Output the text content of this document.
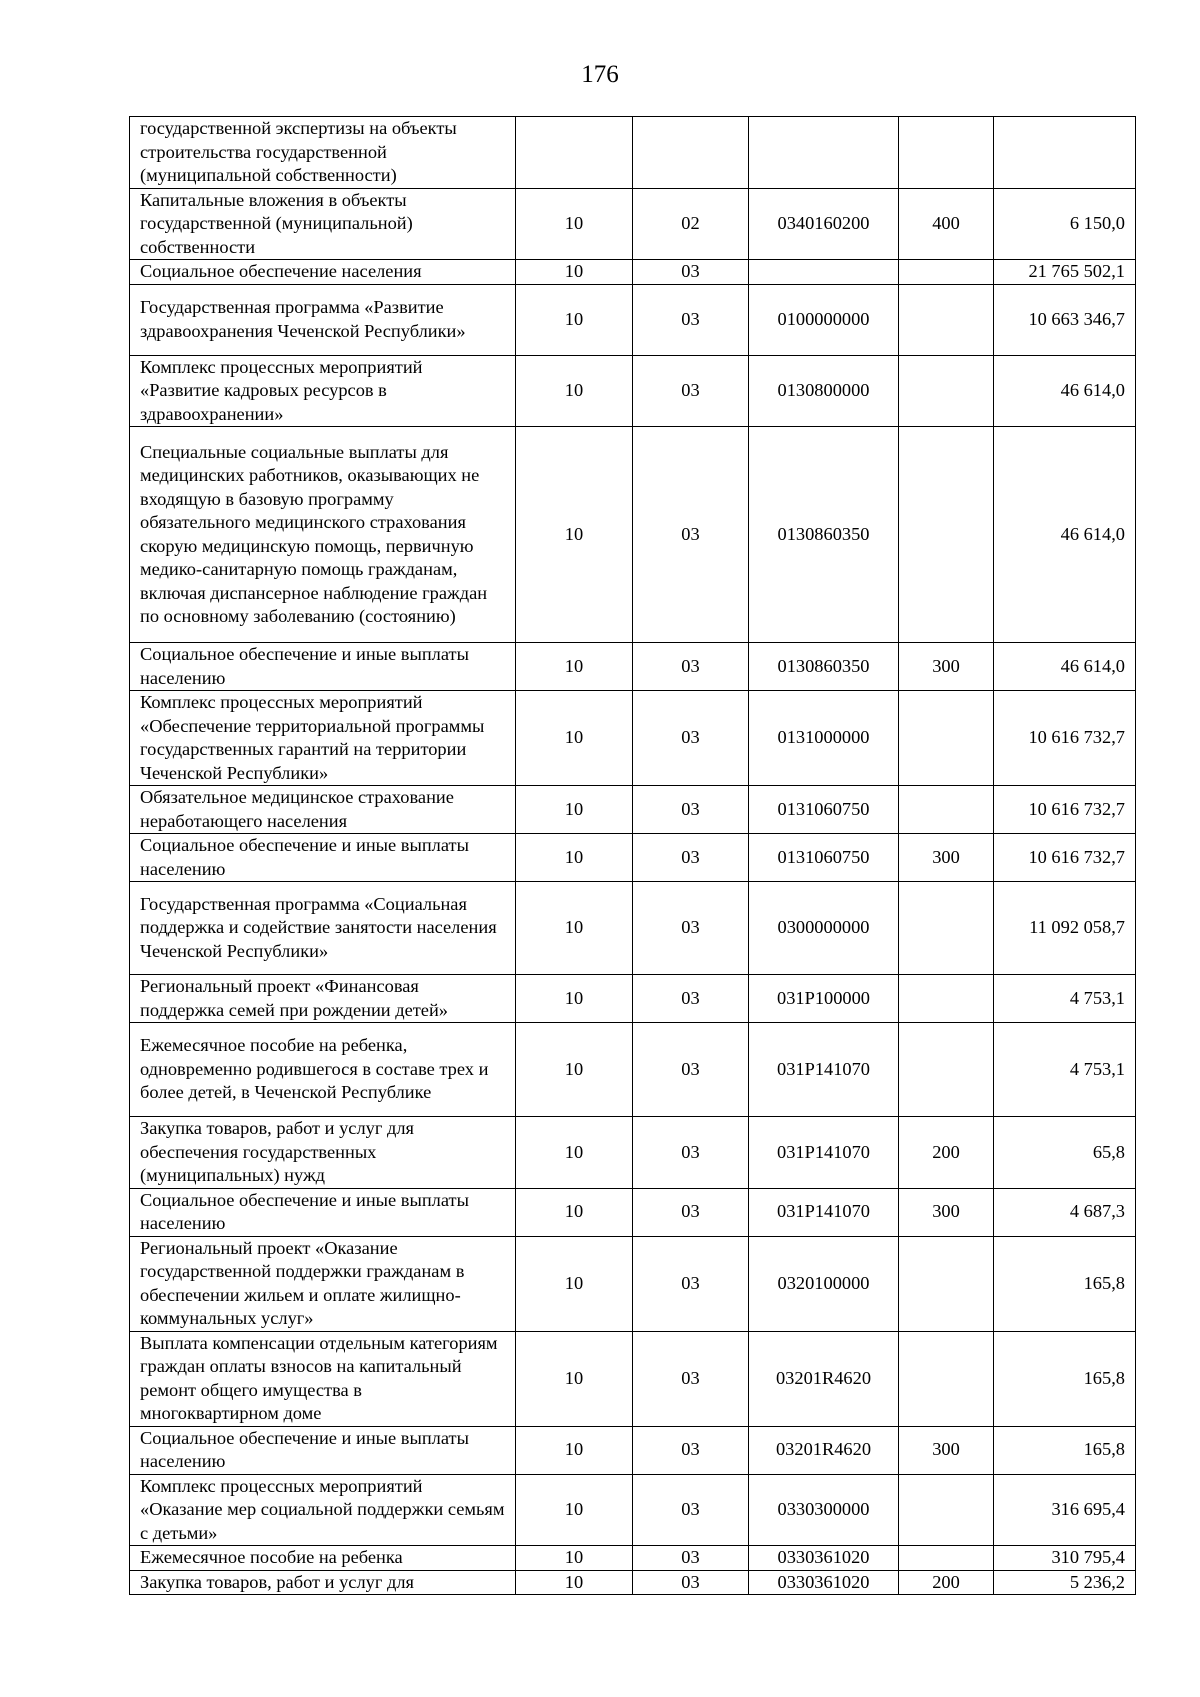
176
государственной экспертизы на объекты строительства государственной (муниципальной собственности)					
Капитальные вложения в объекты государственной (муниципальной) собственности	10	02	0340160200	400	6 150,0
Социальное обеспечение населения	10	03			21 765 502,1
Государственная программа «Развитие здравоохранения Чеченской Республики»	10	03	0100000000		10 663 346,7
Комплекс процессных мероприятий «Развитие кадровых ресурсов в здравоохранении»	10	03	0130800000		46 614,0
Специальные социальные выплаты для медицинских работников, оказывающих не входящую в базовую программу обязательного медицинского страхования скорую медицинскую помощь, первичную медико-санитарную помощь гражданам, включая диспансерное наблюдение граждан по основному заболеванию (состоянию)	10	03	0130860350		46 614,0
Социальное обеспечение и иные выплаты населению	10	03	0130860350	300	46 614,0
Комплекс процессных мероприятий «Обеспечение территориальной программы государственных гарантий на территории Чеченской Республики»	10	03	0131000000		10 616 732,7
Обязательное медицинское страхование неработающего населения	10	03	0131060750		10 616 732,7
Социальное обеспечение и иные выплаты населению	10	03	0131060750	300	10 616 732,7
Государственная программа «Социальная поддержка и содействие занятости населения Чеченской Республики»	10	03	0300000000		11 092 058,7
Региональный проект «Финансовая поддержка семей при рождении детей»	10	03	031Р100000		4 753,1
Ежемесячное пособие на ребенка, одновременно родившегося в составе трех и более детей, в Чеченской Республике	10	03	031Р141070		4 753,1
Закупка товаров, работ и услуг для обеспечения государственных (муниципальных) нужд	10	03	031Р141070	200	65,8
Социальное обеспечение и иные выплаты населению	10	03	031Р141070	300	4 687,3
Региональный проект «Оказание государственной поддержки гражданам в обеспечении жильем и оплате жилищно-коммунальных услуг»	10	03	0320100000		165,8
Выплата компенсации отдельным категориям граждан оплаты взносов на капитальный ремонт общего имущества в многоквартирном доме	10	03	03201R4620		165,8
Социальное обеспечение и иные выплаты населению	10	03	03201R4620	300	165,8
Комплекс процессных мероприятий «Оказание мер социальной поддержки семьям с детьми»	10	03	0330300000		316 695,4
Ежемесячное пособие на ребенка	10	03	0330361020		310 795,4
Закупка товаров, работ и услуг для	10	03	0330361020	200	5 236,2
